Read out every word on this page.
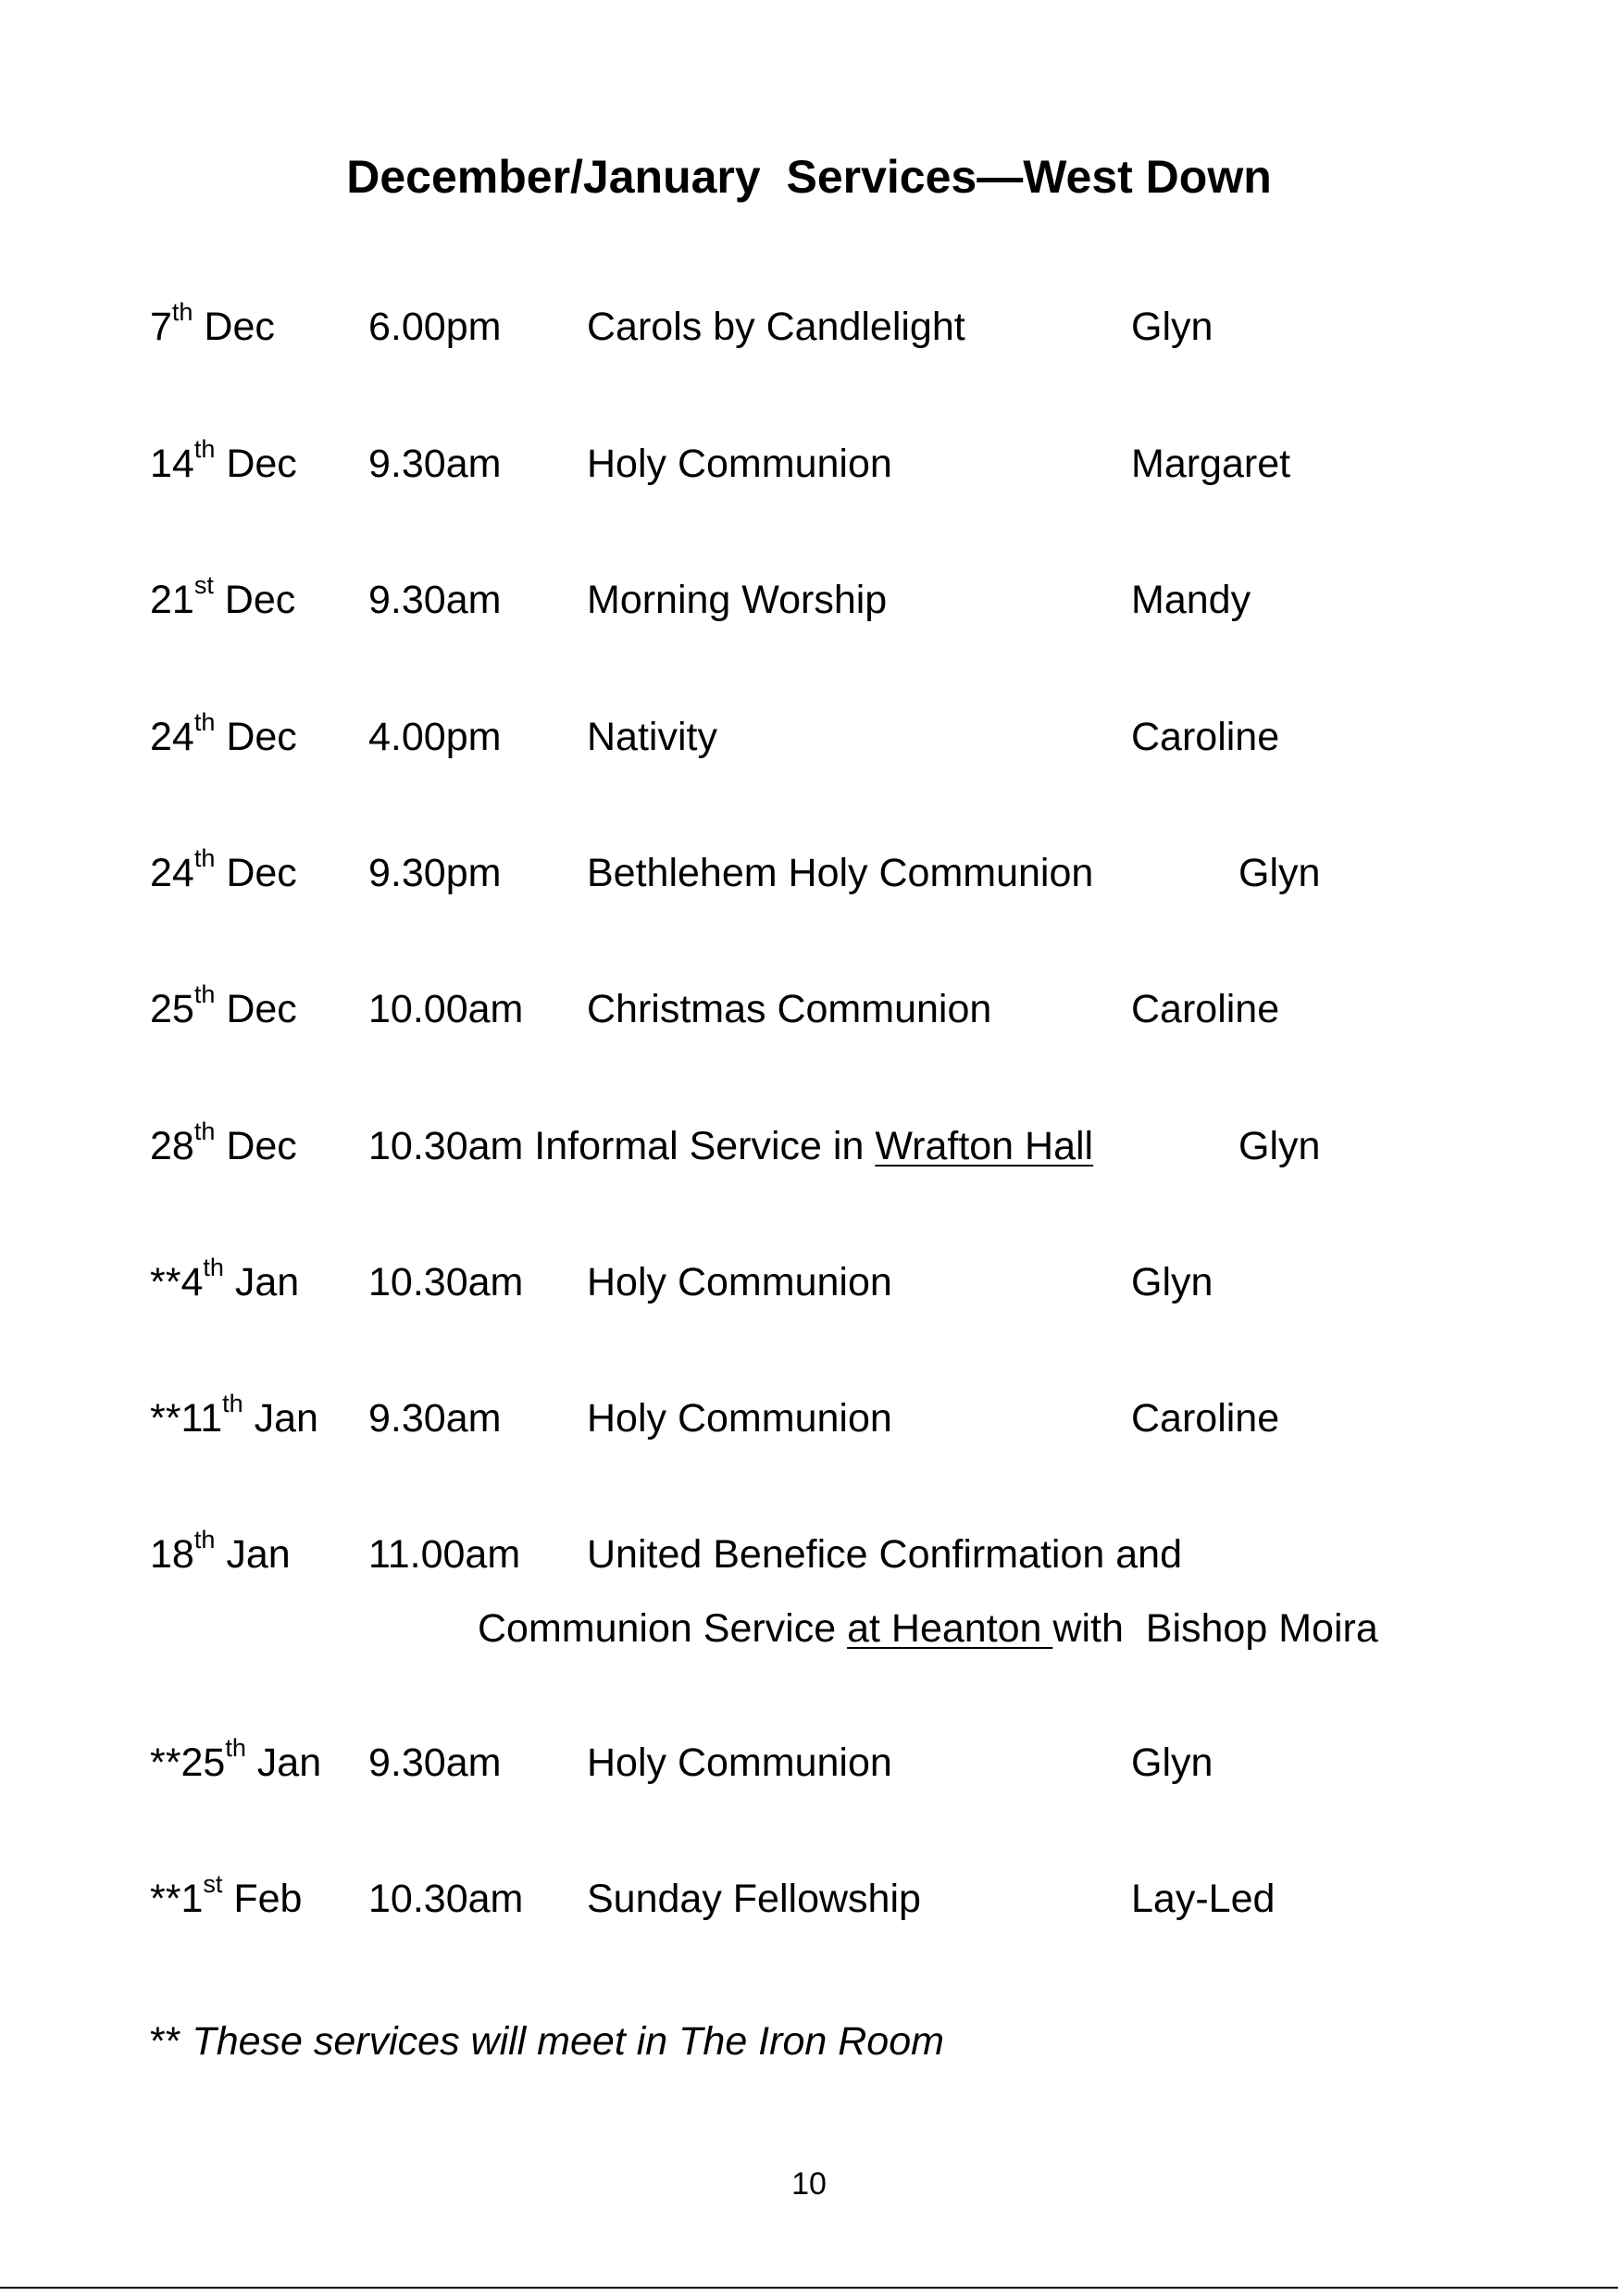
December/January  Services—West Down
7th Dec 6.00pm Carols by Candlelight	Glyn
14th Dec 9.30am Holy Communion	Margaret
21st Dec 9.30am Morning Worship	Mandy
24th Dec 4.00pm Nativity	Caroline
24th Dec 9.30pm Bethlehem Holy Communion	Glyn
25th Dec 10.00am Christmas Communion	Caroline
28th Dec 10.30am Informal Service in Wrafton Hall	Glyn
**4th Jan 10.30am Holy Communion	Glyn
**11th Jan 9.30am Holy Communion	Caroline
18th Jan 11.00am United Benefice Confirmation and
Communion Service at Heanton with  Bishop Moira
**25th Jan 9.30am Holy Communion	Glyn
**1st Feb 10.30am Sunday Fellowship	Lay-Led
** These services will meet in The Iron Room
10
